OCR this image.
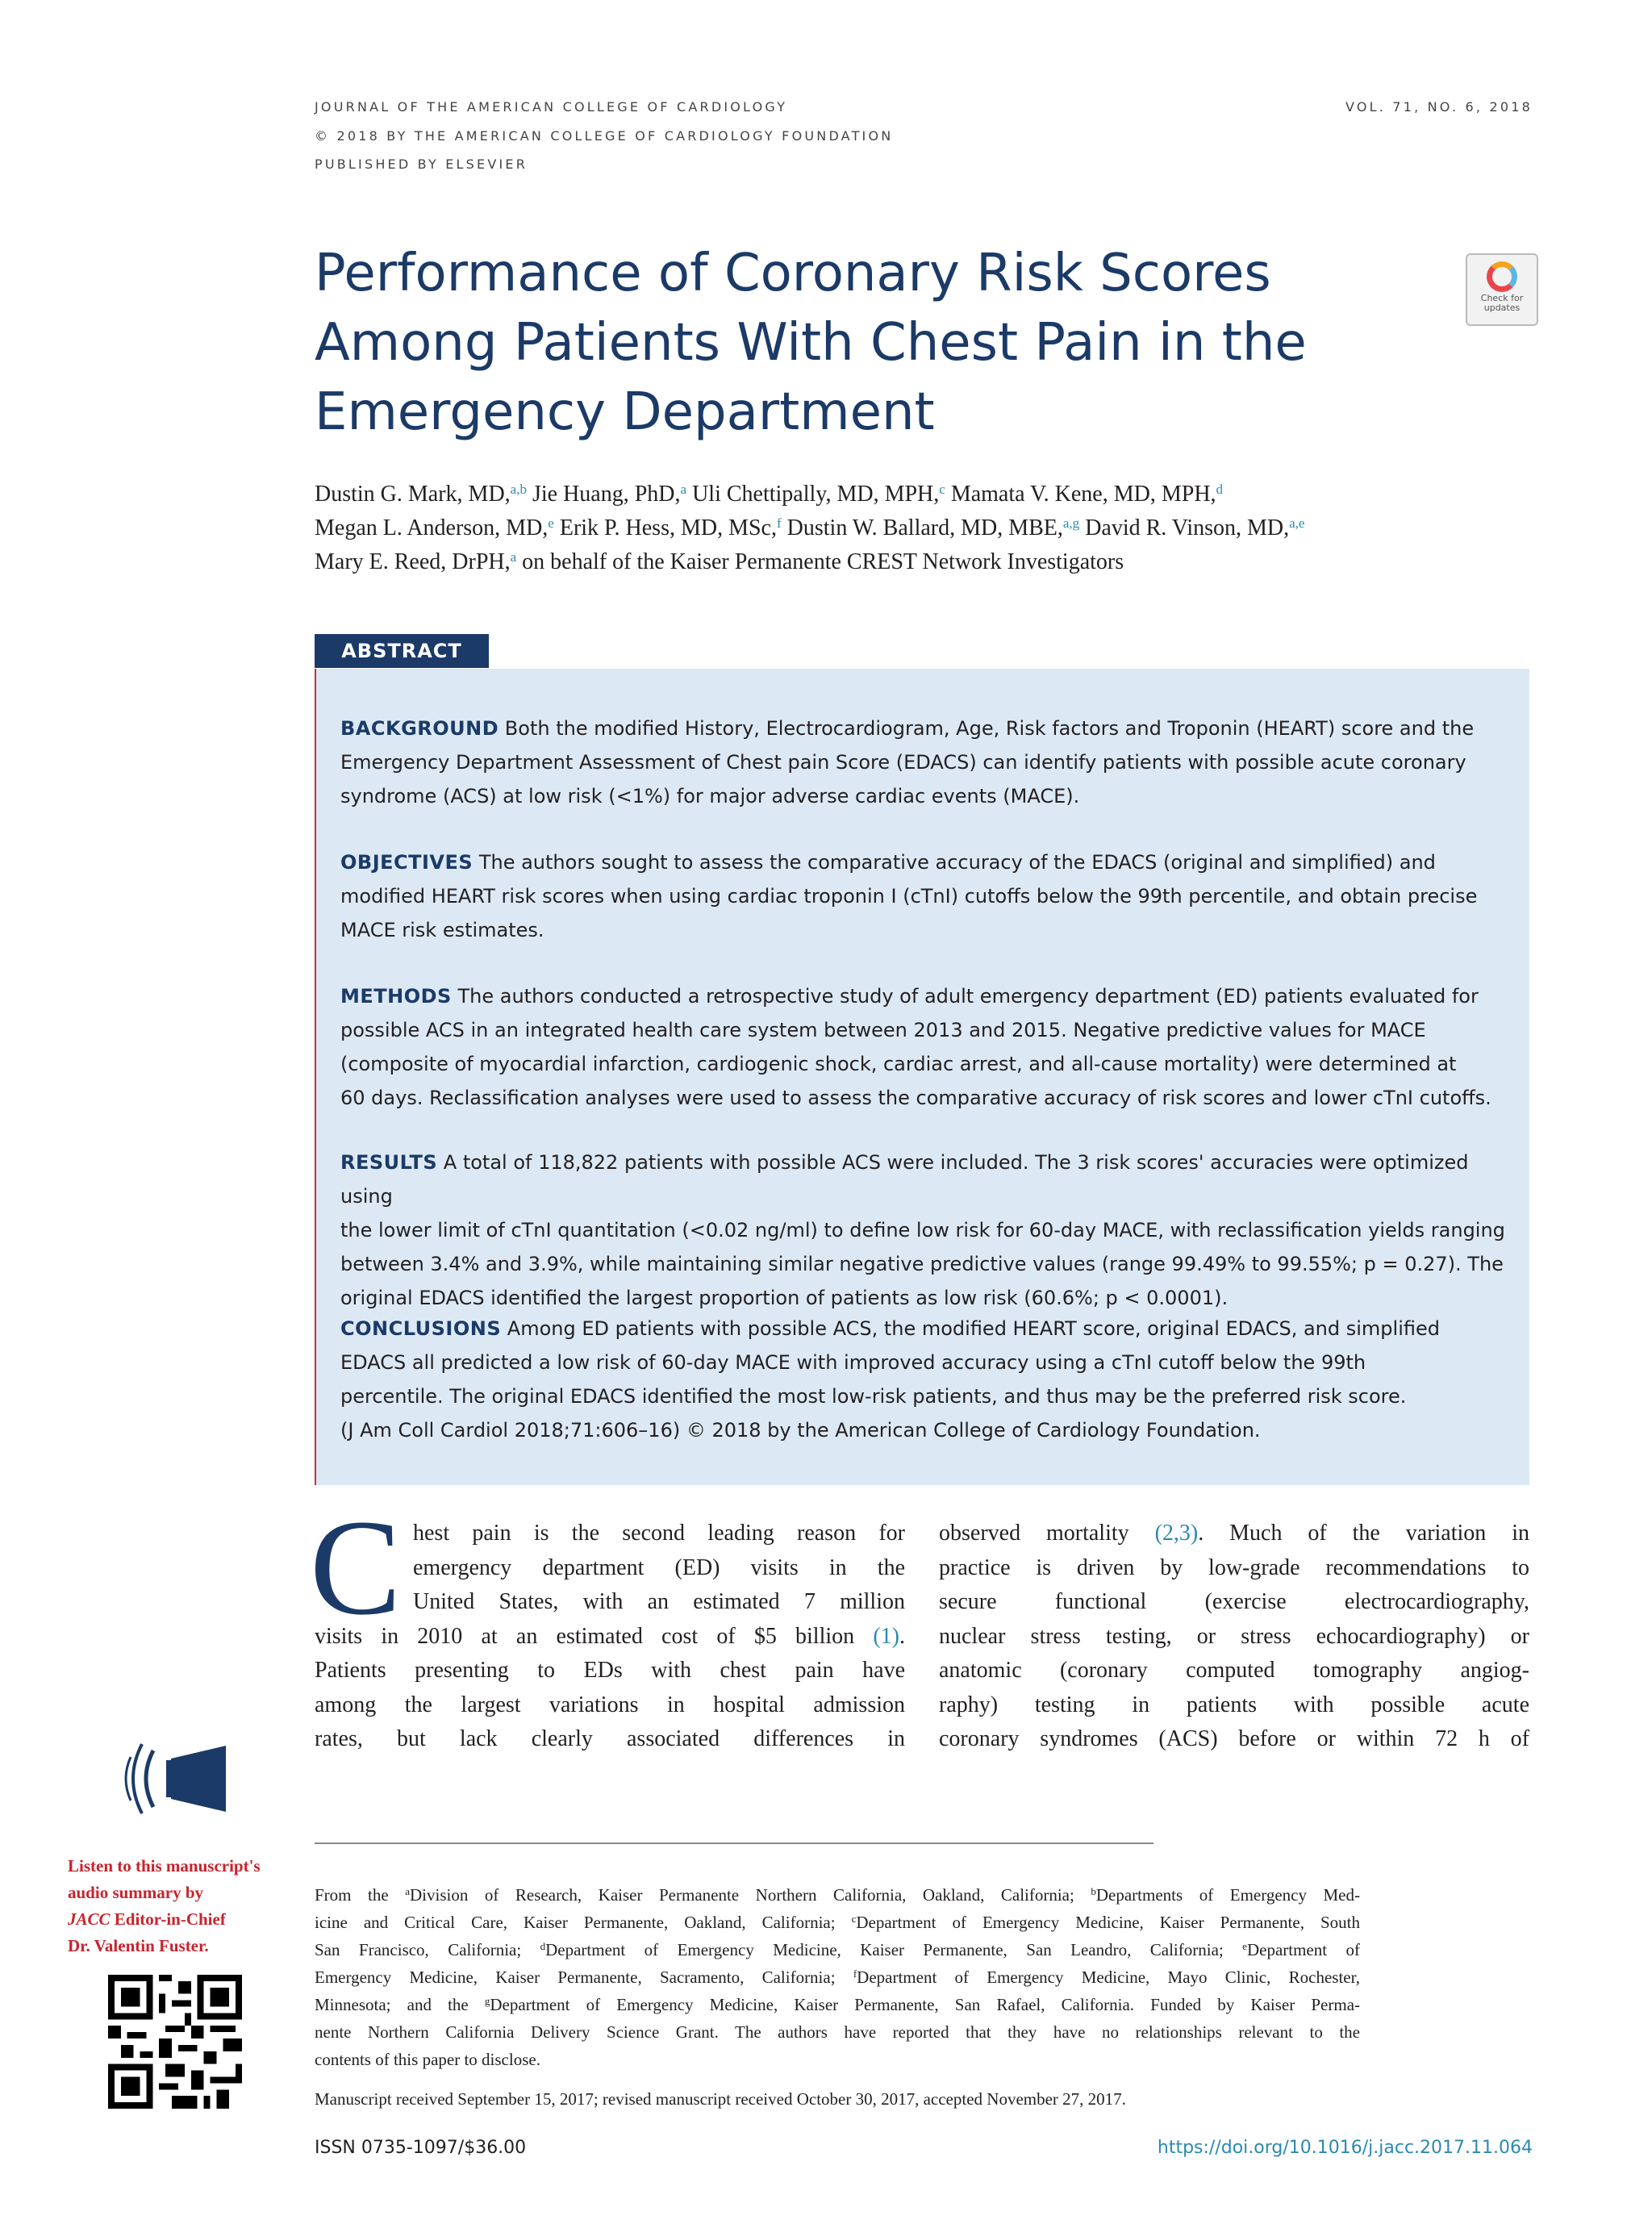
JOURNAL OF THE AMERICAN COLLEGE OF CARDIOLOGY
© 2018 BY THE AMERICAN COLLEGE OF CARDIOLOGY FOUNDATION
PUBLISHED BY ELSEVIER
VOL. 71, NO. 6, 2018
Performance of Coronary Risk Scores
Among Patients With Chest Pain in the
Emergency Department
Check for
updates
Dustin G. Mark, MD,$^{a,b}$ Jie Huang, PhD,$^a$ Uli Chettipally, MD, MPH,$^c$ Mamata V. Kene, MD, MPH,$^d$
Megan L. Anderson, MD,$^e$ Erik P. Hess, MD, MSc,$^f$ Dustin W. Ballard, MD, MBE,$^{a,g}$ David R. Vinson, MD,$^{a,e}$
Mary E. Reed, DrPH,$^a$ on behalf of the Kaiser Permanente CREST Network Investigators
ABSTRACT
BACKGROUND Both the modified History, Electrocardiogram, Age, Risk factors and Troponin (HEART) score and the
Emergency Department Assessment of Chest pain Score (EDACS) can identify patients with possible acute coronary
syndrome (ACS) at low risk (<1%) for major adverse cardiac events (MACE).
OBJECTIVES The authors sought to assess the comparative accuracy of the EDACS (original and simplified) and
modified HEART risk scores when using cardiac troponin I (cTnI) cutoffs below the 99th percentile, and obtain precise
MACE risk estimates.
METHODS The authors conducted a retrospective study of adult emergency department (ED) patients evaluated for
possible ACS in an integrated health care system between 2013 and 2015. Negative predictive values for MACE
(composite of myocardial infarction, cardiogenic shock, cardiac arrest, and all-cause mortality) were determined at
60 days. Reclassification analyses were used to assess the comparative accuracy of risk scores and lower cTnI cutoffs.
RESULTS A total of 118,822 patients with possible ACS were included. The 3 risk scores' accuracies were optimized using
the lower limit of cTnI quantitation (<0.02 ng/ml) to define low risk for 60-day MACE, with reclassification yields ranging
between 3.4% and 3.9%, while maintaining similar negative predictive values (range 99.49% to 99.55%; p = 0.27). The
original EDACS identified the largest proportion of patients as low risk (60.6%; p < 0.0001).
CONCLUSIONS Among ED patients with possible ACS, the modified HEART score, original EDACS, and simplified
EDACS all predicted a low risk of 60-day MACE with improved accuracy using a cTnI cutoff below the 99th
percentile. The original EDACS identified the most low-risk patients, and thus may be the preferred risk score.
(J Am Coll Cardiol 2018;71:606–16) © 2018 by the American College of Cardiology Foundation.
C hest pain is the second leading reason for
emergency department (ED) visits in the
United States, with an estimated 7 million
visits in 2010 at an estimated cost of $5 billion (1).
Patients presenting to EDs with chest pain have
among the largest variations in hospital admission
rates, but lack clearly associated differences in
observed mortality (2,3). Much of the variation in
practice is driven by low-grade recommendations to
secure functional (exercise electrocardiography,
nuclear stress testing, or stress echocardiography) or
anatomic (coronary computed tomography angiog-
raphy) testing in patients with possible acute
coronary syndromes (ACS) before or within 72 h of
Listen to this manuscript's
audio summary by
JACC Editor-in-Chief
Dr. Valentin Fuster.
From the $^a$Division of Research, Kaiser Permanente Northern California, Oakland, California; $^b$Departments of Emergency Med-
icine and Critical Care, Kaiser Permanente, Oakland, California; $^c$Department of Emergency Medicine, Kaiser Permanente, South
San Francisco, California; $^d$Department of Emergency Medicine, Kaiser Permanente, San Leandro, California; $^e$Department of
Emergency Medicine, Kaiser Permanente, Sacramento, California; $^f$Department of Emergency Medicine, Mayo Clinic, Rochester,
Minnesota; and the $^g$Department of Emergency Medicine, Kaiser Permanente, San Rafael, California. Funded by Kaiser Perma-
nente Northern California Delivery Science Grant. The authors have reported that they have no relationships relevant to the
contents of this paper to disclose.
Manuscript received September 15, 2017; revised manuscript received October 30, 2017, accepted November 27, 2017.
ISSN 0735-1097/$36.00	https://doi.org/10.1016/j.jacc.2017.11.064
